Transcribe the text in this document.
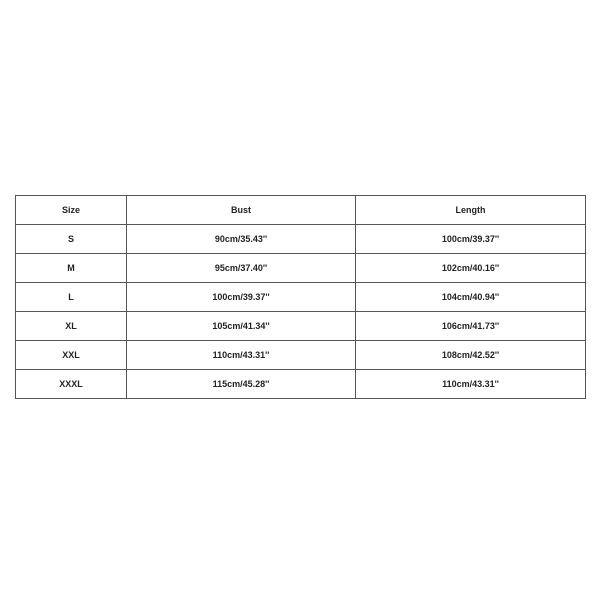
Size	Bust	Length
S	90cm/35.43''	100cm/39.37''
M	95cm/37.40''	102cm/40.16''
L	100cm/39.37''	104cm/40.94''
XL	105cm/41.34''	106cm/41.73''
XXL	110cm/43.31''	108cm/42.52''
XXXL	115cm/45.28''	110cm/43.31''
